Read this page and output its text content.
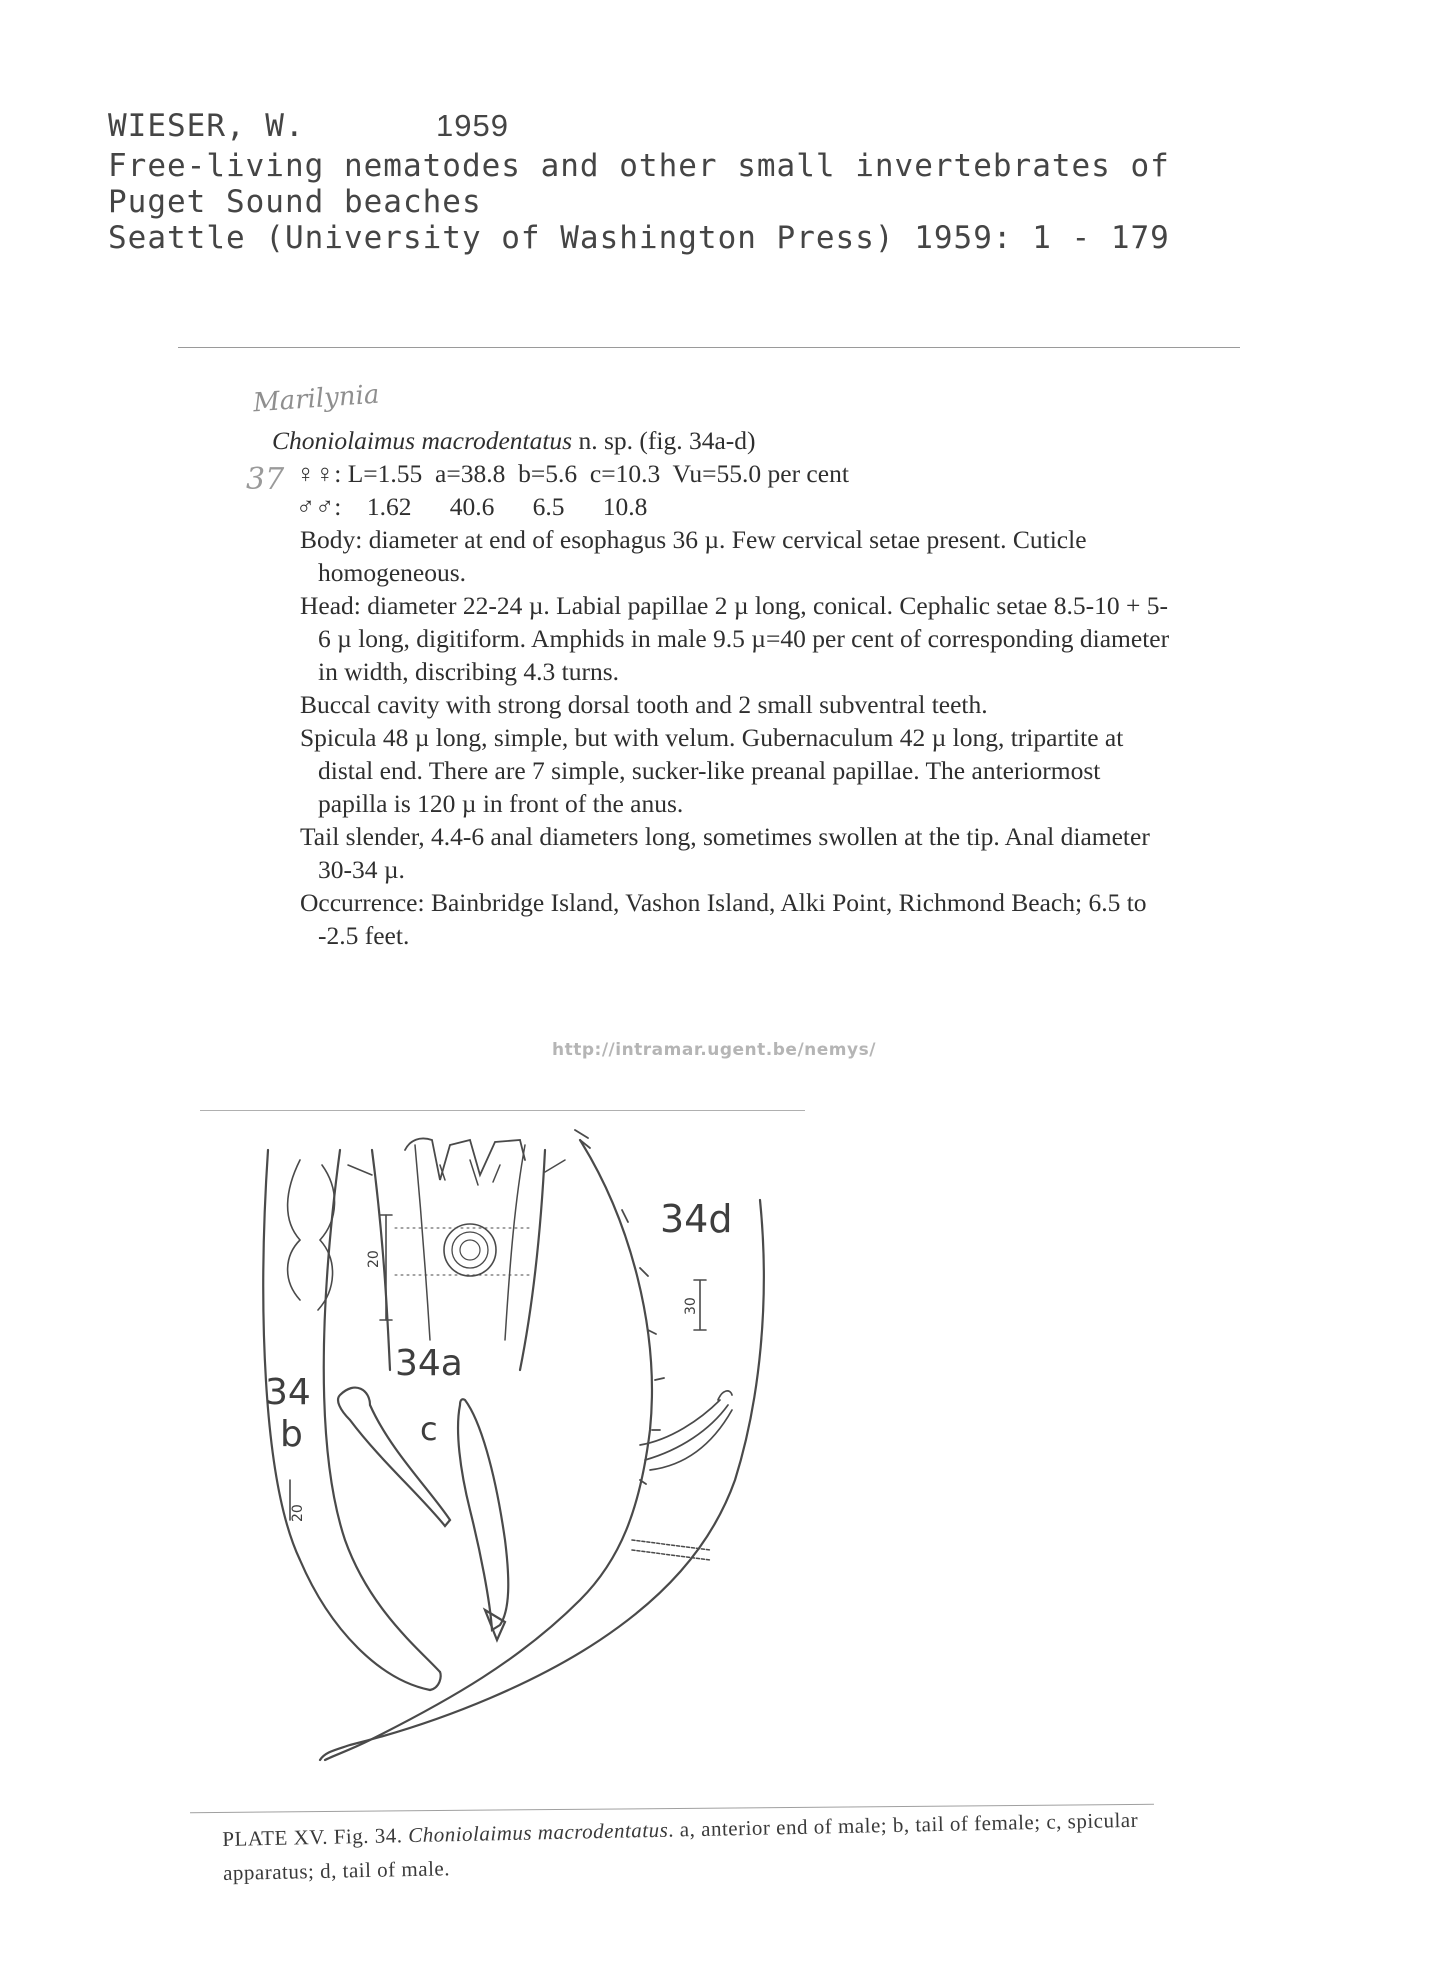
WIESER, W.	1959
Free-living nematodes and other small invertebrates of
Puget Sound beaches
Seattle (University of Washington Press) 1959: 1 - 179
Marilynia
37
Choniolaimus macrodentatus n. sp. (fig. 34a-d)
♀♀: L=1.55  a=38.8  b=5.6  c=10.3  Vu=55.0 per cent
♂♂:    1.62      40.6      6.5      10.8
Body: diameter at end of esophagus 36 µ. Few cervical setae present. Cuticle homogeneous.
Head: diameter 22-24 µ. Labial papillae 2 µ long, conical. Cephalic setae 8.5-10 + 5-6 µ long, digitiform. Amphids in male 9.5 µ=40 per cent of corresponding diameter in width, discribing 4.3 turns.
Buccal cavity with strong dorsal tooth and 2 small subventral teeth.
Spicula 48 µ long, simple, but with velum. Gubernaculum 42 µ long, tripartite at distal end. There are 7 simple, sucker-like preanal papillae. The anteriormost papilla is 120 µ in front of the anus.
Tail slender, 4.4-6 anal diameters long, sometimes swollen at the tip. Anal diameter 30-34 µ.
Occurrence: Bainbridge Island, Vashon Island, Alki Point, Richmond Beach; 6.5 to -2.5 feet.
http://intramar.ugent.be/nemys/
34a
34
b	c
34d
20
20
30
PLATE XV. Fig. 34. Choniolaimus macrodentatus. a, anterior end of male; b, tail of female; c, spicular apparatus; d, tail of male.
